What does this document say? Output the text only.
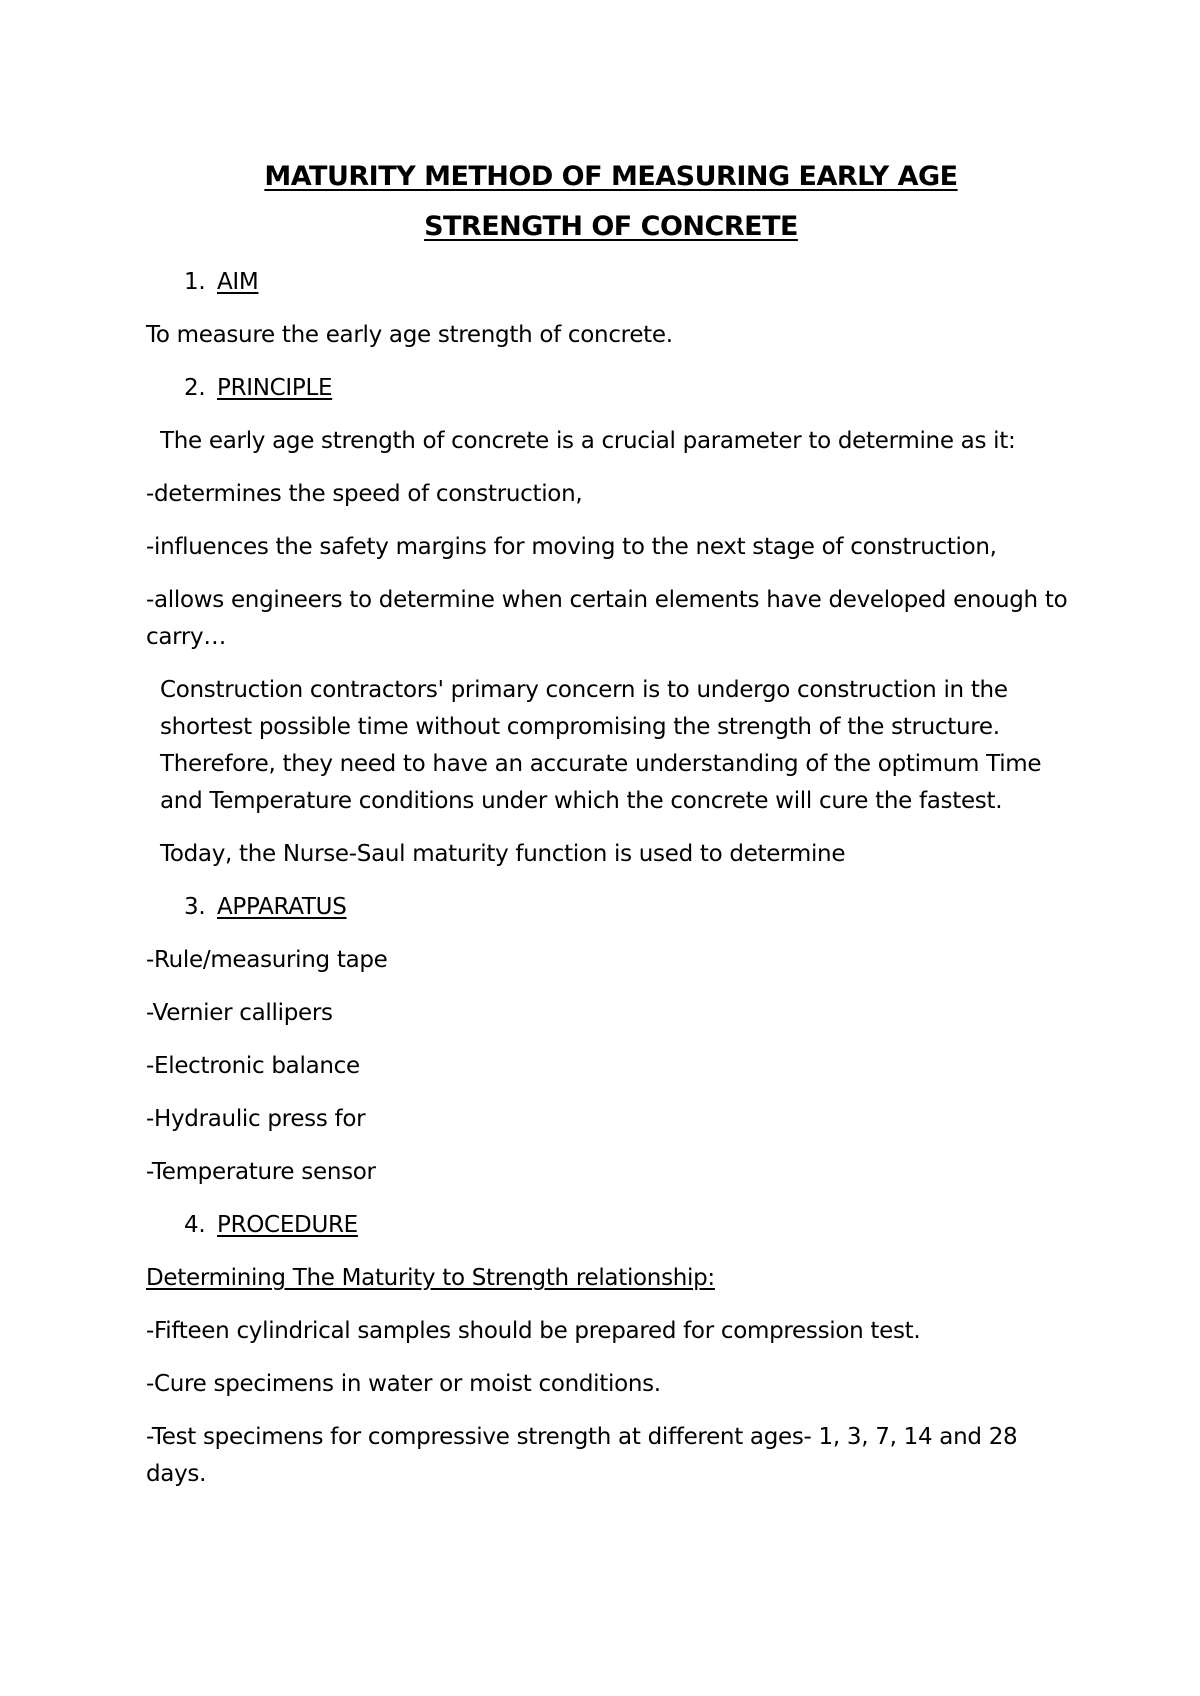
MATURITY METHOD OF MEASURING EARLY AGE
STRENGTH OF CONCRETE
1. AIM
To measure the early age strength of concrete.
2. PRINCIPLE
The early age strength of concrete is a crucial parameter to determine as it:
-determines the speed of construction,
-influences the safety margins for moving to the next stage of construction,
-allows engineers to determine when certain elements have developed enough to carry…
Construction contractors' primary concern is to undergo construction in the shortest possible time without compromising the strength of the structure. Therefore, they need to have an accurate understanding of the optimum Time and Temperature conditions under which the concrete will cure the fastest.
Today, the Nurse-Saul maturity function is used to determine
3. APPARATUS
-Rule/measuring tape
-Vernier callipers
-Electronic balance
-Hydraulic press for
-Temperature sensor
4. PROCEDURE
Determining The Maturity to Strength relationship:
-Fifteen cylindrical samples should be prepared for compression test.
-Cure specimens in water or moist conditions.
-Test specimens for compressive strength at different ages- 1, 3, 7, 14 and 28 days.
